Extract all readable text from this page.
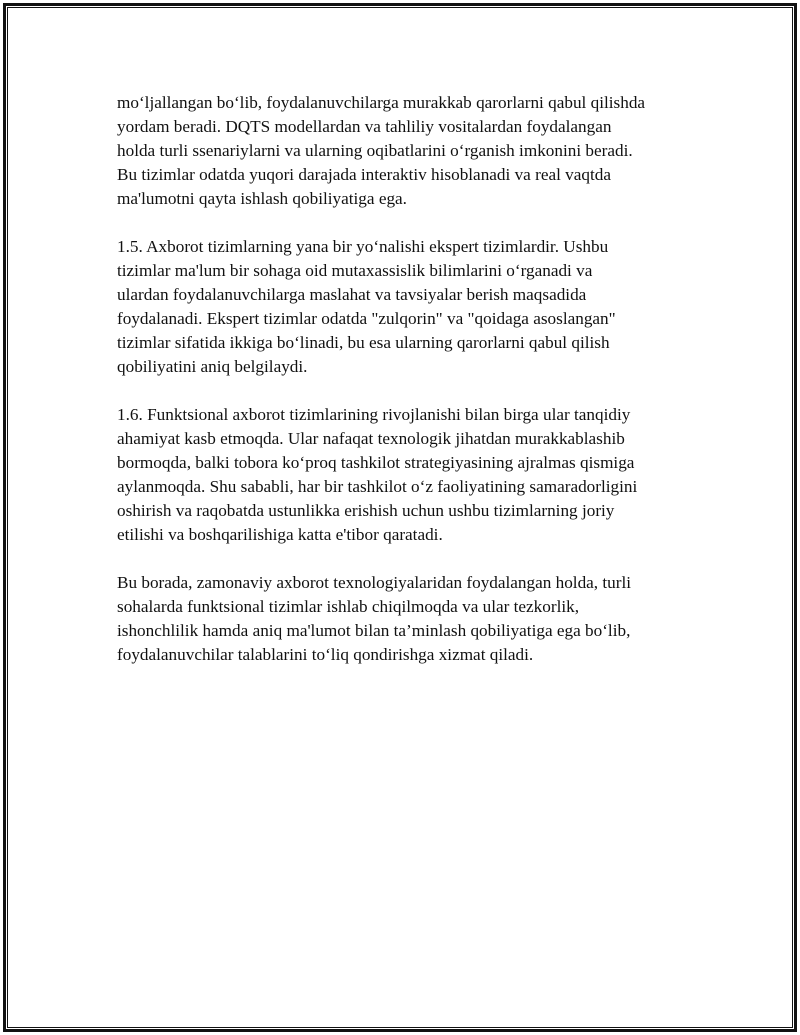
mo‘ljallangan bo‘lib, foydalanuvchilarga murakkab qarorlarni qabul qilishda
yordam beradi. DQTS modellardan va tahliliy vositalardan foydalangan
holda turli ssenariylarni va ularning oqibatlarini o‘rganish imkonini beradi.
Bu tizimlar odatda yuqori darajada interaktiv hisoblanadi va real vaqtda
ma'lumotni qayta ishlash qobiliyatiga ega.

1.5. Axborot tizimlarning yana bir yo‘nalishi ekspert tizimlardir. Ushbu
tizimlar ma'lum bir sohaga oid mutaxassislik bilimlarini o‘rganadi va
ulardan foydalanuvchilarga maslahat va tavsiyalar berish maqsadida
foydalanadi. Ekspert tizimlar odatda "zulqorin" va "qoidaga asoslangan"
tizimlar sifatida ikkiga bo‘linadi, bu esa ularning qarorlarni qabul qilish
qobiliyatini aniq belgilaydi.

1.6. Funktsional axborot tizimlarining rivojlanishi bilan birga ular tanqidiy
ahamiyat kasb etmoqda. Ular nafaqat texnologik jihatdan murakkablashib
bormoqda, balki tobora ko‘proq tashkilot strategiyasining ajralmas qismiga
aylanmoqda. Shu sababli, har bir tashkilot o‘z faoliyatining samaradorligini
oshirish va raqobatda ustunlikka erishish uchun ushbu tizimlarning joriy
etilishi va boshqarilishiga katta e'tibor qaratadi.

Bu borada, zamonaviy axborot texnologiyalaridan foydalangan holda, turli
sohalarda funktsional tizimlar ishlab chiqilmoqda va ular tezkorlik,
ishonchlilik hamda aniq ma'lumot bilan ta’minlash qobiliyatiga ega bo‘lib,
foydalanuvchilar talablarini to‘liq qondirishga xizmat qiladi.
